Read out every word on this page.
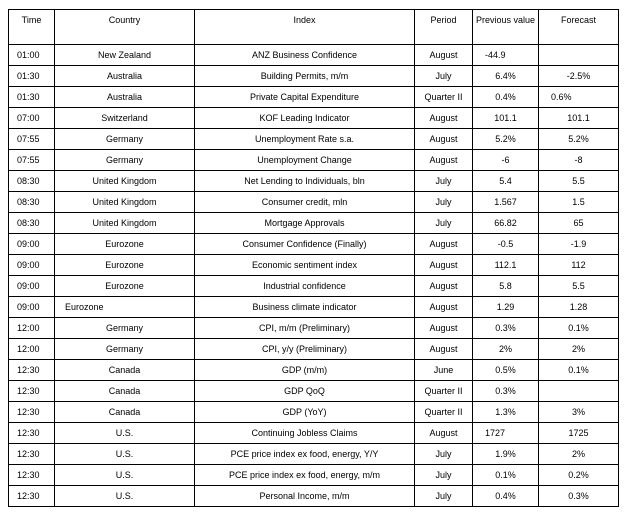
Time	Country	Index	Period	Previous value	Forecast
01:00	New Zealand	ANZ Business Confidence	August	-44.9	
01:30	Australia	Building Permits, m/m	July	6.4%	-2.5%
01:30	Australia	Private Capital Expenditure	Quarter II	0.4%	0.6%
07:00	Switzerland	KOF Leading Indicator	August	101.1	101.1
07:55	Germany	Unemployment Rate s.a.	August	5.2%	5.2%
07:55	Germany	Unemployment Change	August	-6	-8
08:30	United Kingdom	Net Lending to Individuals, bln	July	5.4	5.5
08:30	United Kingdom	Consumer credit, mln	July	1.567	1.5
08:30	United Kingdom	Mortgage Approvals	July	66.82	65
09:00	Eurozone	Consumer Confidence (Finally)	August	-0.5	-1.9
09:00	Eurozone	Economic sentiment index	August	112.1	112
09:00	Eurozone	Industrial confidence	August	5.8	5.5
09:00	Eurozone	Business climate indicator	August	1.29	1.28
12:00	Germany	CPI, m/m (Preliminary)	August	0.3%	0.1%
12:00	Germany	CPI, y/y (Preliminary)	August	2%	2%
12:30	Canada	GDP (m/m)	June	0.5%	0.1%
12:30	Canada	GDP QoQ	Quarter II	0.3%	
12:30	Canada	GDP (YoY)	Quarter II	1.3%	3%
12:30	U.S.	Continuing Jobless Claims	August	1727	1725
12:30	U.S.	PCE price index ex food, energy, Y/Y	July	1.9%	2%
12:30	U.S.	PCE price index ex food, energy, m/m	July	0.1%	0.2%
12:30	U.S.	Personal Income, m/m	July	0.4%	0.3%
